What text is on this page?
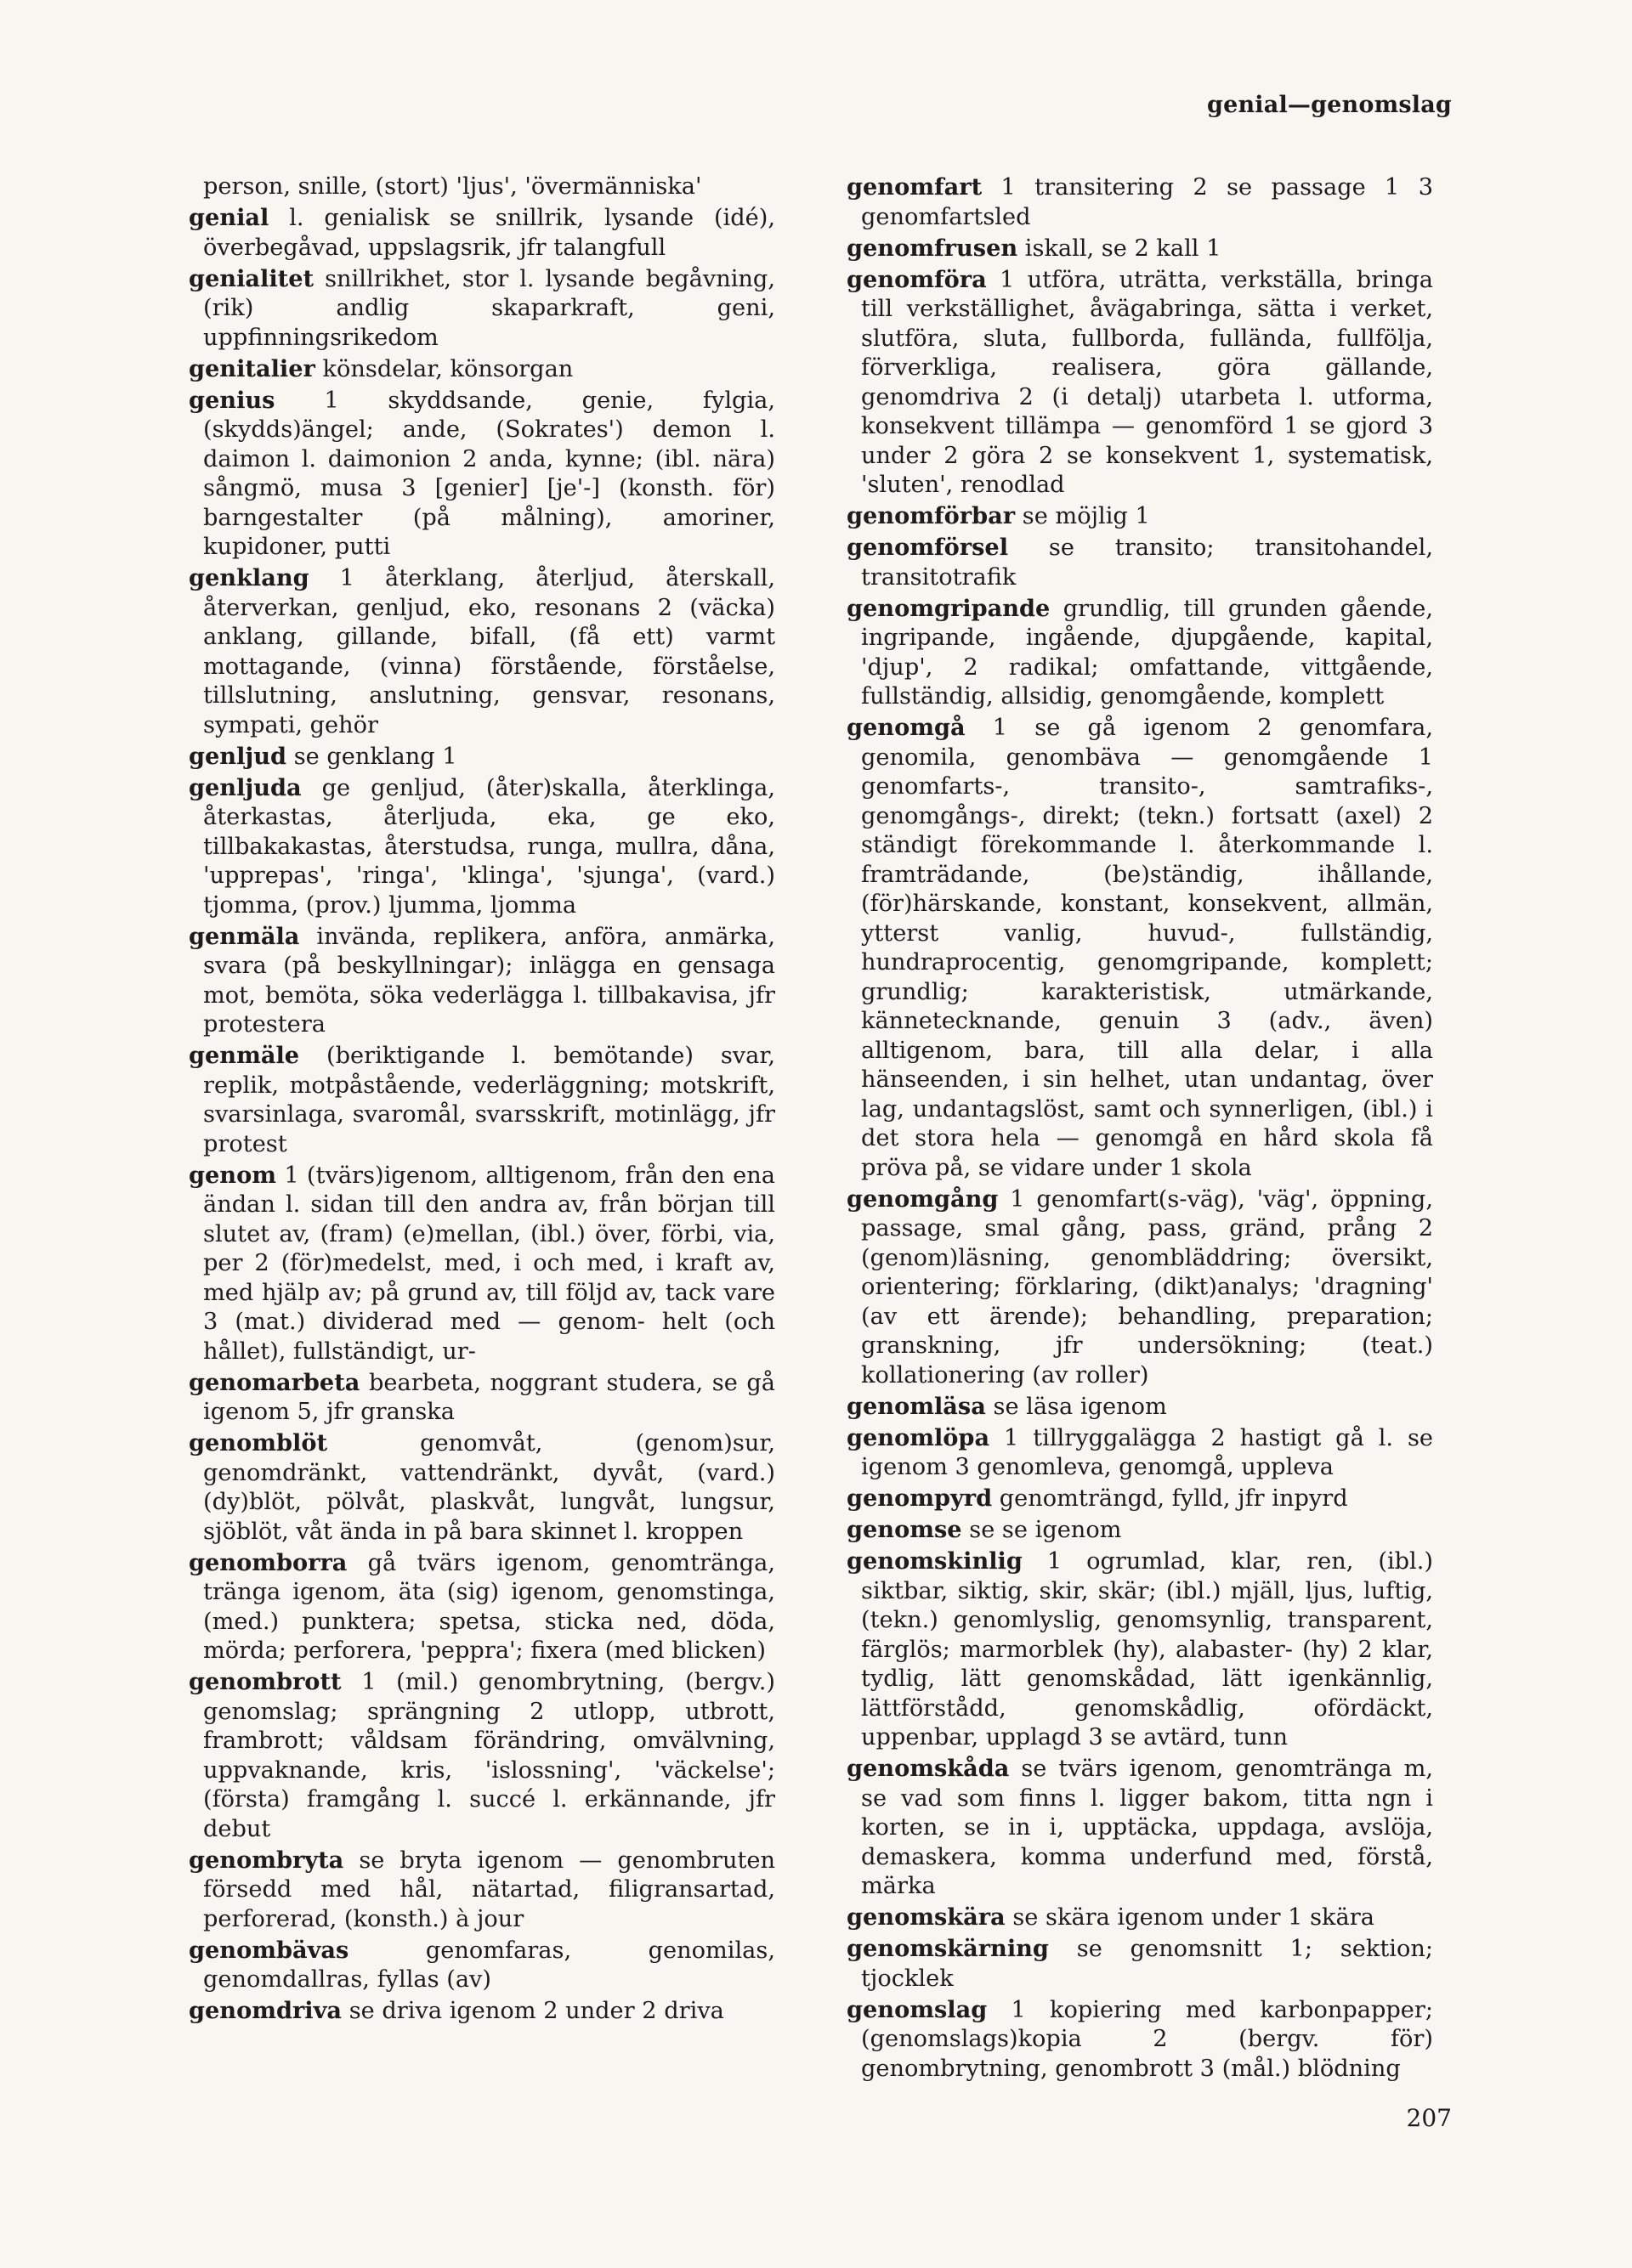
genial—genomslag

person, snille, (stort) 'ljus', 'övermänniska'

genial l. genialisk se snillrik, lysande (idé), överbegåvad, uppslagsrik, jfr talangfull

genialitet snillrikhet, stor l. lysande begåvning, (rik) andlig skaparkraft, geni, uppfinningsrikedom

genitalier könsdelar, könsorgan

genius 1 skyddsande, genie, fylgia, (skydds)ängel; ande, (Sokrates') demon l. daimon l. daimonion 2 anda, kynne; (ibl. nära) sångmö, musa 3 [genier] [je'-] (konsth. för) barngestalter (på målning), amoriner, kupidoner, putti

genklang 1 återklang, återljud, återskall, återverkan, genljud, eko, resonans 2 (väcka) anklang, gillande, bifall, (få ett) varmt mottagande, (vinna) förstående, förståelse, tillslutning, anslutning, gensvar, resonans, sympati, gehör

genljud se genklang 1

genljuda ge genljud, (åter)skalla, återklinga, återkastas, återljuda, eka, ge eko, tillbakakastas, återstudsa, runga, mullra, dåna, 'upprepas', 'ringa', 'klinga', 'sjunga', (vard.) tjomma, (prov.) ljumma, ljomma

genmäla invända, replikera, anföra, anmärka, svara (på beskyllningar); inlägga en gensaga mot, bemöta, söka vederlägga l. tillbakavisa, jfr protestera

genmäle (beriktigande l. bemötande) svar, replik, motpåstående, vederläggning; motskrift, svarsinlaga, svaromål, svarsskrift, motinlägg, jfr protest

genom 1 (tvärs)igenom, alltigenom, från den ena ändan l. sidan till den andra av, från början till slutet av, (fram) (e)mellan, (ibl.) över, förbi, via, per 2 (för)medelst, med, i och med, i kraft av, med hjälp av; på grund av, till följd av, tack vare 3 (mat.) dividerad med — genom- helt (och hållet), fullständigt, ur-

genomarbeta bearbeta, noggrant studera, se gå igenom 5, jfr granska

genomblöt	genomvåt, (genom)sur, genomdränkt, vattendränkt, dyvåt, (vard.) (dy)blöt, pölvåt, plaskvåt, lungvåt, lungsur, sjöblöt, våt ända in på bara skinnet l. kroppen

genomborra gå tvärs igenom, genomtränga, tränga igenom, äta (sig) igenom, genomstinga, (med.) punktera; spetsa, sticka ned, döda, mörda; perforera, 'peppra'; fixera (med blicken)

genombrott 1 (mil.) genombrytning, (bergv.) genomslag; sprängning 2 utlopp, utbrott, frambrott; våldsam förändring, omvälvning, uppvaknande, kris, 'islossning', 'väckelse'; (första) framgång l. succé l. erkännande, jfr debut

genombryta se bryta igenom — genombruten försedd med hål, nätartad, filigransartad, perforerad, (konsth.) à jour

genombävas	genomfaras, genomilas, genomdallras, fyllas (av)

genomdriva se driva igenom 2 under 2 driva

genomfart 1 transitering 2 se passage 1 3 genomfartsled

genomfrusen iskall, se 2 kall 1

genomföra 1 utföra, uträtta, verkställa, bringa till verkställighet, åvägabringa, sätta i verket, slutföra, sluta, fullborda, fullända, fullfölja, förverkliga, realisera, göra gällande, genomdriva 2 (i detalj) utarbeta l. utforma, konsekvent tillämpa — genomförd 1 se gjord 3 under 2 göra 2 se konsekvent 1, systematisk, 'sluten', renodlad

genomförbar se möjlig 1

genomförsel se transito; transitohandel, transitotrafik

genomgripande grundlig, till grunden gående, ingripande, ingående, djupgående, kapital, 'djup', 2 radikal; omfattande, vittgående, fullständig, allsidig, genomgående, komplett

genomgå 1 se gå igenom 2 genomfara, genomila, genombäva — genomgående 1 genomfarts-, transito-, samtrafiks-, genomgångs-, direkt; (tekn.) fortsatt (axel) 2 ständigt förekommande l. återkommande l. framträdande, (be)ständig, ihållande, (för)härskande, konstant, konsekvent, allmän, ytterst vanlig, huvud-, fullständig, hundraprocentig, genomgripande, komplett; grundlig; karakteristisk, utmärkande, kännetecknande, genuin 3 (adv., även) alltigenom, bara, till alla delar, i alla hänseenden, i sin helhet, utan undantag, över lag, undantagslöst, samt och synnerligen, (ibl.) i det stora hela — genomgå en hård skola få pröva på, se vidare under 1 skola

genomgång 1 genomfart(s-väg), 'väg', öppning, passage, smal gång, pass, gränd, prång 2 (genom)läsning, genombläddring; översikt, orientering; förklaring, (dikt)analys; 'dragning' (av ett ärende); behandling, preparation; granskning, jfr undersökning; (teat.) kollationering (av roller)

genomläsa se läsa igenom

genomlöpa 1 tillryggalägga 2 hastigt gå l. se igenom 3 genomleva, genomgå, uppleva

genompyrd genomträngd, fylld, jfr inpyrd

genomse se se igenom

genomskinlig 1 ogrumlad, klar, ren, (ibl.) siktbar, siktig, skir, skär; (ibl.) mjäll, ljus, luftig, (tekn.) genomlyslig, genomsynlig, transparent, färglös; marmorblek (hy), alabaster- (hy) 2 klar, tydlig, lätt genomskådad, lätt igenkännlig, lättförstådd, genomskådlig, ofördäckt, uppenbar, upplagd 3 se avtärd, tunn

genomskåda se tvärs igenom, genomtränga m, se vad som finns l. ligger bakom, titta ngn i korten, se in i, upptäcka, uppdaga, avslöja, demaskera, komma underfund med, förstå, märka

genomskära se skära igenom under 1 skära

genomskärning se genomsnitt 1; sektion; tjocklek

genomslag 1 kopiering med karbonpapper; (genomslags)kopia 2 (bergv. för) genombrytning, genombrott 3 (mål.) blödning

207
